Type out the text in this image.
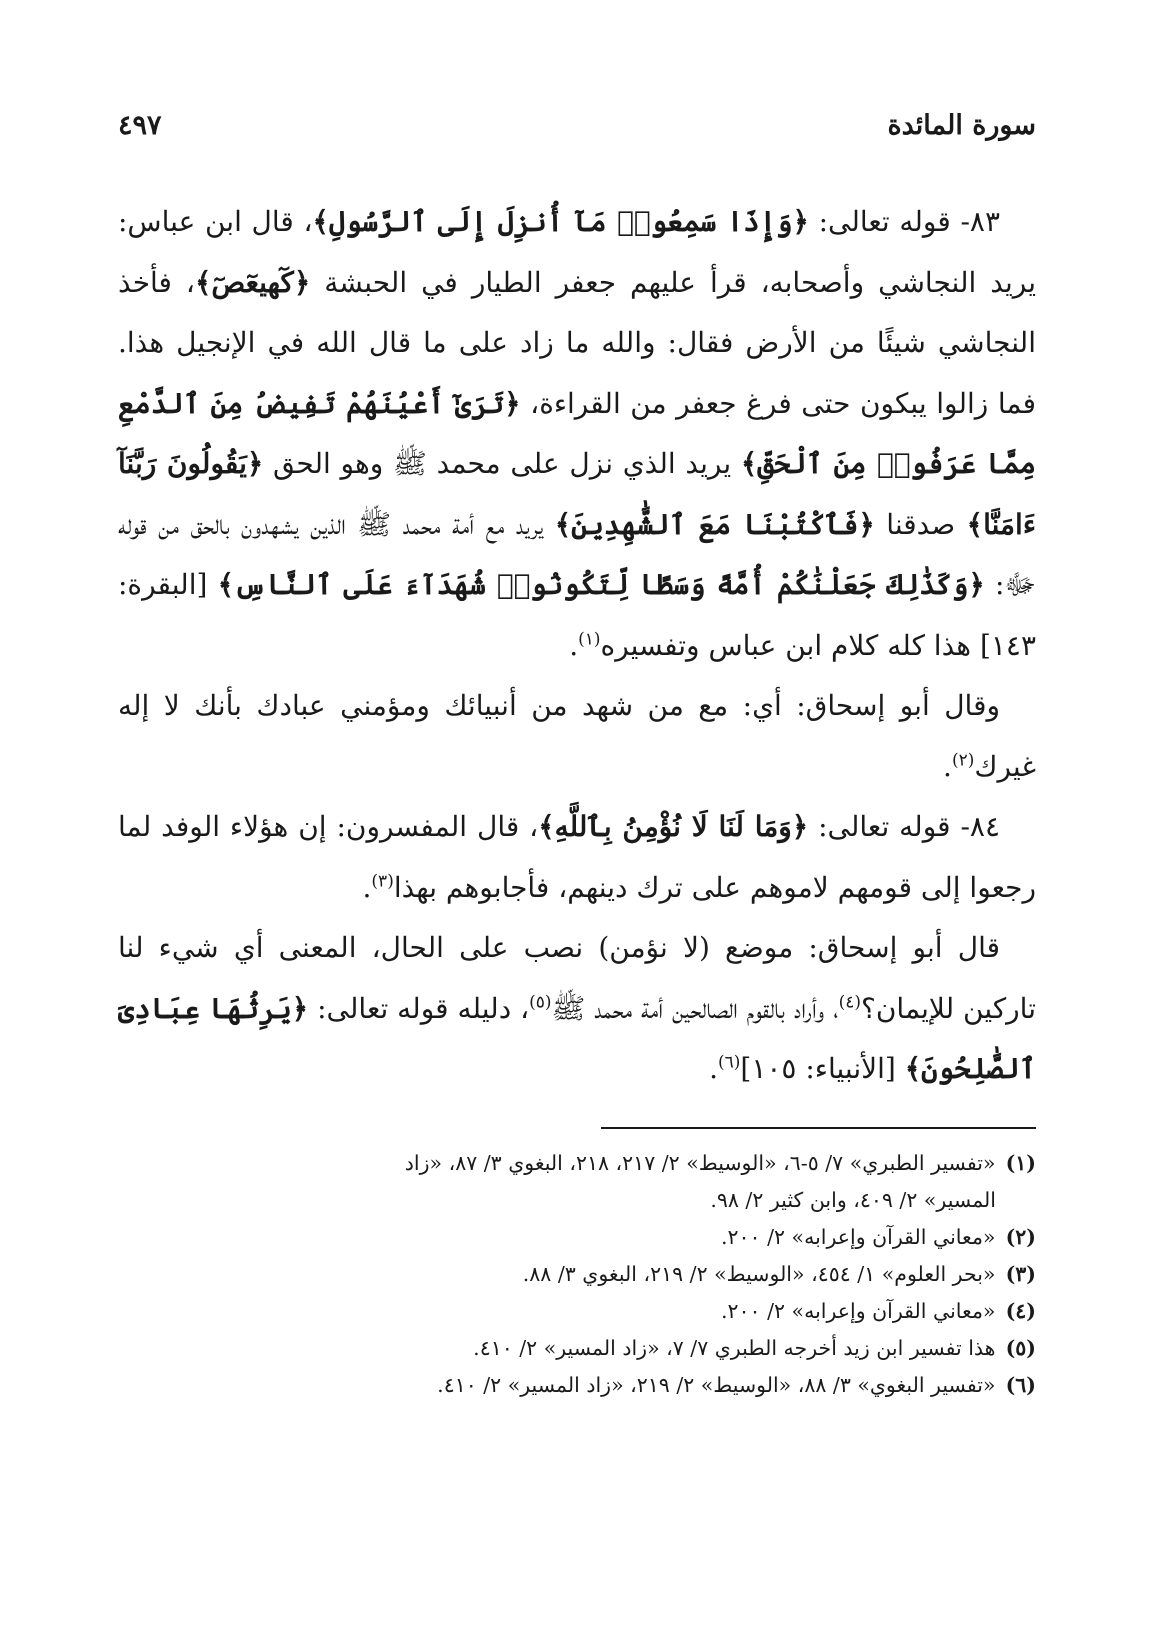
سورة المائدة
٤٩٧

٨٣- قوله تعالى: ﴿وَإِذَا سَمِعُوا۟ مَآ أُنزِلَ إِلَى ٱلرَّسُولِ﴾، قال ابن عباس: يريد النجاشي وأصحابه، قرأ عليهم جعفر الطيار في الحبشة ﴿كٓهيعٓصٓ﴾، فأخذ النجاشي شيئًا من الأرض فقال: والله ما زاد على ما قال الله في الإنجيل هذا. فما زالوا يبكون حتى فرغ جعفر من القراءة، ﴿تَرَىٰٓ أَعْيُنَهُمْ تَفِيضُ مِنَ ٱلدَّمْعِ مِمَّا عَرَفُوا۟ مِنَ ٱلْحَقِّ﴾ يريد الذي نزل على محمد ﷺ وهو الحق ﴿يَقُولُونَ رَبَّنَآ ءَامَنَّا﴾ صدقنا ﴿فَٱكْتُبْنَا مَعَ ٱلشَّٰهِدِينَ﴾ يريد مع أمة محمد ﷺ الذين يشهدون بالحق من قوله ﷻ: ﴿وَكَذَٰلِكَ جَعَلْنَٰكُمْ أُمَّةً وَسَطًا لِّتَكُونُوا۟ شُهَدَآءَ عَلَى ٱلنَّاسِ﴾ [البقرة: ١٤٣] هذا كله كلام ابن عباس وتفسيره$^{(١)}$.

وقال أبو إسحاق: أي: مع من شهد من أنبيائك ومؤمني عبادك بأنك لا إله غيرك$^{(٢)}$.

٨٤- قوله تعالى: ﴿وَمَا لَنَا لَا نُؤْمِنُ بِٱللَّهِ﴾، قال المفسرون: إن هؤلاء الوفد لما رجعوا إلى قومهم لاموهم على ترك دينهم، فأجابوهم بهذا$^{(٣)}$.

قال أبو إسحاق: موضع (لا نؤمن) نصب على الحال، المعنى أي شيء لنا تاركين للإيمان؟$^{(٤)}$، وأراد بالقوم الصالحين أمة محمد ﷺ$^{(٥)}$، دليله قوله تعالى: ﴿يَرِثُهَا عِبَادِىَ ٱلصَّٰلِحُونَ﴾ [الأنبياء: ١٠٥]$^{(٦)}$.

(١) «تفسير الطبري» ٧/ ٥-٦، «الوسيط» ٢/ ٢١٧، ٢١٨، البغوي ٣/ ٨٧، «زاد

المسير» ٢/ ٤٠٩، وابن كثير ٢/ ٩٨.

(٢) «معاني القرآن وإعرابه» ٢/ ٢٠٠.

(٣) «بحر العلوم» ١/ ٤٥٤، «الوسيط» ٢/ ٢١٩، البغوي ٣/ ٨٨.

(٤) «معاني القرآن وإعرابه» ٢/ ٢٠٠.

(٥) هذا تفسير ابن زيد أخرجه الطبري ٧/ ٧، «زاد المسير» ٢/ ٤١٠.

(٦) «تفسير البغوي» ٣/ ٨٨، «الوسيط» ٢/ ٢١٩، «زاد المسير» ٢/ ٤١٠.
